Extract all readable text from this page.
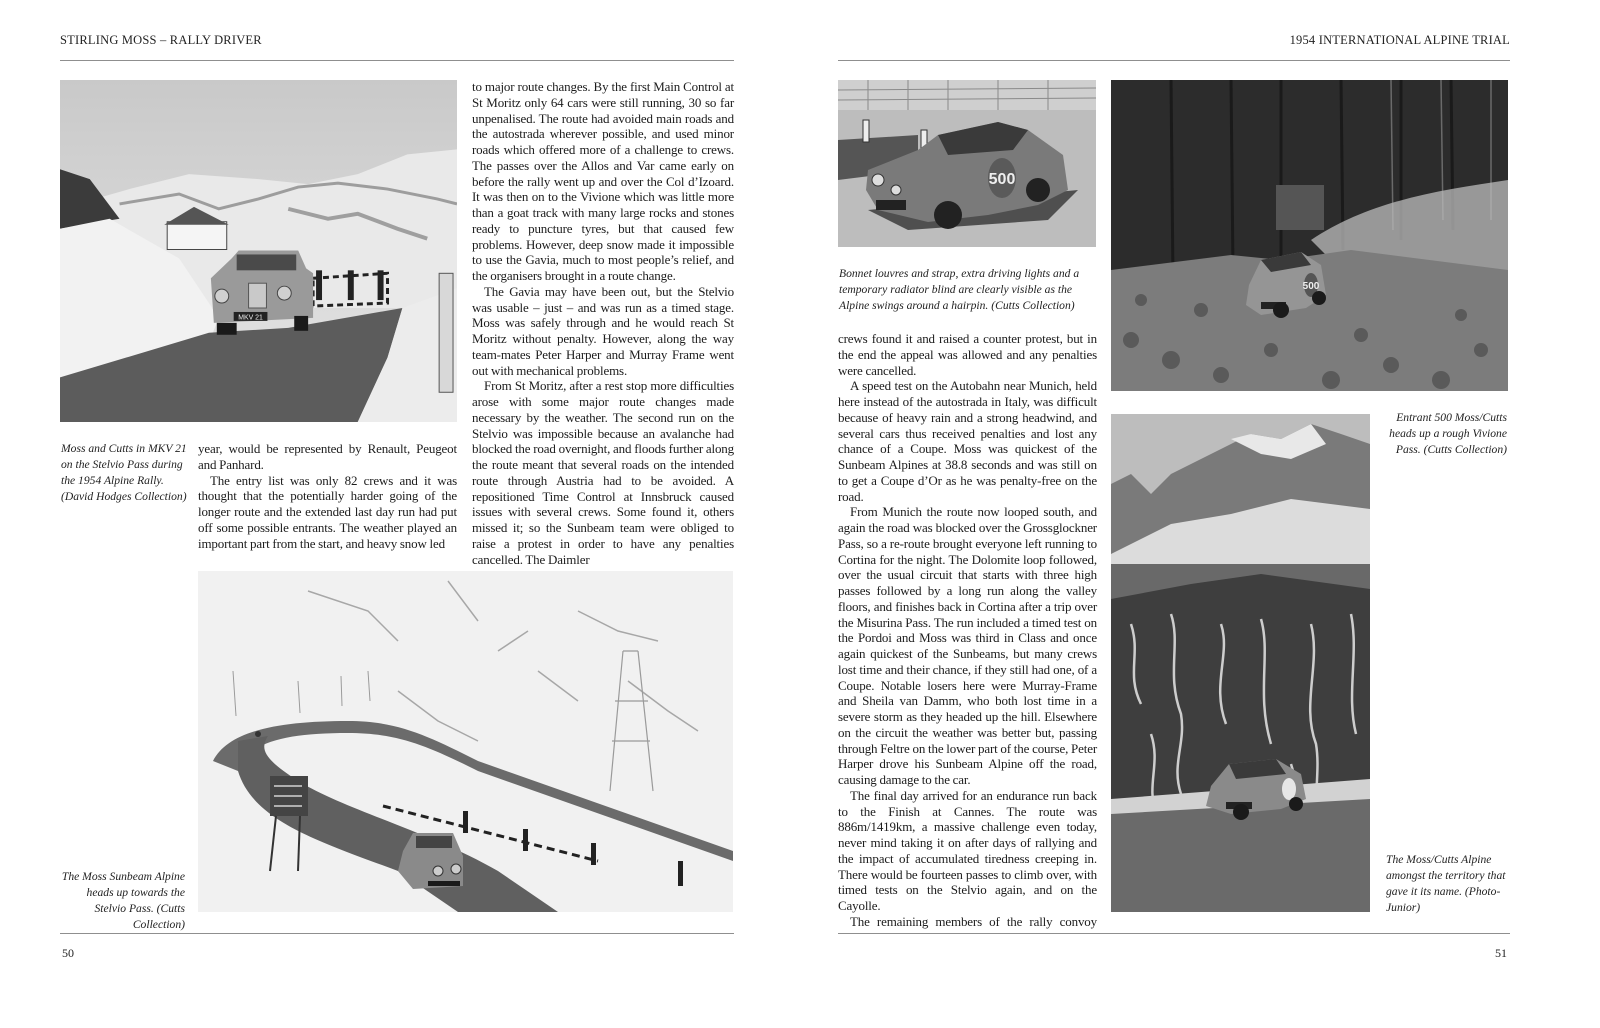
STIRLING MOSS – RALLY DRIVER
MKV 21
Moss and Cutts in MKV 21 on the Stelvio Pass during the 1954 Alpine Rally. (David Hodges Collection)

year, would be represented by Renault, Peugeot and Panhard.

The entry list was only 82 crews and it was thought that the potentially harder going of the longer route and the extended last day run had put off some possible entrants. The weather played an important part from the start, and heavy snow led

to major route changes. By the first Main Control at St Moritz only 64 cars were still running, 30 so far unpenalised. The route had avoided main roads and the autostrada wherever possible, and used minor roads which offered more of a challenge to crews. The passes over the Allos and Var came early on before the rally went up and over the Col d’Izoard. It was then on to the Vivione which was little more than a goat track with many large rocks and stones ready to puncture tyres, but that caused few problems. However, deep snow made it impossible to use the Gavia, much to most people’s relief, and the organisers brought in a route change.

The Gavia may have been out, but the Stelvio was usable – just – and was run as a timed stage. Moss was safely through and he would reach St Moritz without penalty. However, along the way team-mates Peter Harper and Murray Frame went out with mechanical problems.

From St Moritz, after a rest stop more difficulties arose with some major route changes made necessary by the weather. The second run on the Stelvio was impossible because an avalanche had blocked the road overnight, and floods further along the route meant that several roads on the intended route through Austria had to be avoided. A repositioned Time Control at Innsbruck caused issues with several crews. Some found it, others missed it; so the Sunbeam team were obliged to raise a protest in order to have any penalties cancelled. The Daimler

The Moss Sunbeam Alpine heads up towards the Stelvio Pass. (Cutts Collection)
50
1954 INTERNATIONAL ALPINE TRIAL
500
Bonnet louvres and strap, extra driving lights and a temporary radiator blind are clearly visible as the Alpine swings around a hairpin. (Cutts Collection)
500
Entrant 500 Moss/Cutts heads up a rough Vivione Pass. (Cutts Collection)

crews found it and raised a counter protest, but in the end the appeal was allowed and any penalties were cancelled.

A speed test on the Autobahn near Munich, held here instead of the autostrada in Italy, was difficult because of heavy rain and a strong headwind, and several cars thus received penalties and lost any chance of a Coupe. Moss was quickest of the Sunbeam Alpines at 38.8 seconds and was still on to get a Coupe d’Or as he was penalty-free on the road.

From Munich the route now looped south, and again the road was blocked over the Grossglockner Pass, so a re-route brought everyone left running to Cortina for the night. The Dolomite loop followed, over the usual circuit that starts with three high passes followed by a long run along the valley floors, and finishes back in Cortina after a trip over the Misurina Pass. The run included a timed test on the Pordoi and Moss was third in Class and once again quickest of the Sunbeams, but many crews lost time and their chance, if they still had one, of a Coupe. Notable losers here were Murray-Frame and Sheila van Damm, who both lost time in a severe storm as they headed up the hill. Elsewhere on the circuit the weather was better but, passing through Feltre on the lower part of the course, Peter Harper drove his Sunbeam Alpine off the road, causing damage to the car.

The final day arrived for an endurance run back to the Finish at Cannes. The route was 886m/1419km, a massive challenge even today, never mind taking it on after days of rallying and the impact of accumulated tiredness creeping in. There would be fourteen passes to climb over, with timed tests on the Stelvio again, and on the Cayolle.

The remaining members of the rally convoy

The Moss/Cutts Alpine amongst the territory that gave it its name. (Photo-Junior)
51
